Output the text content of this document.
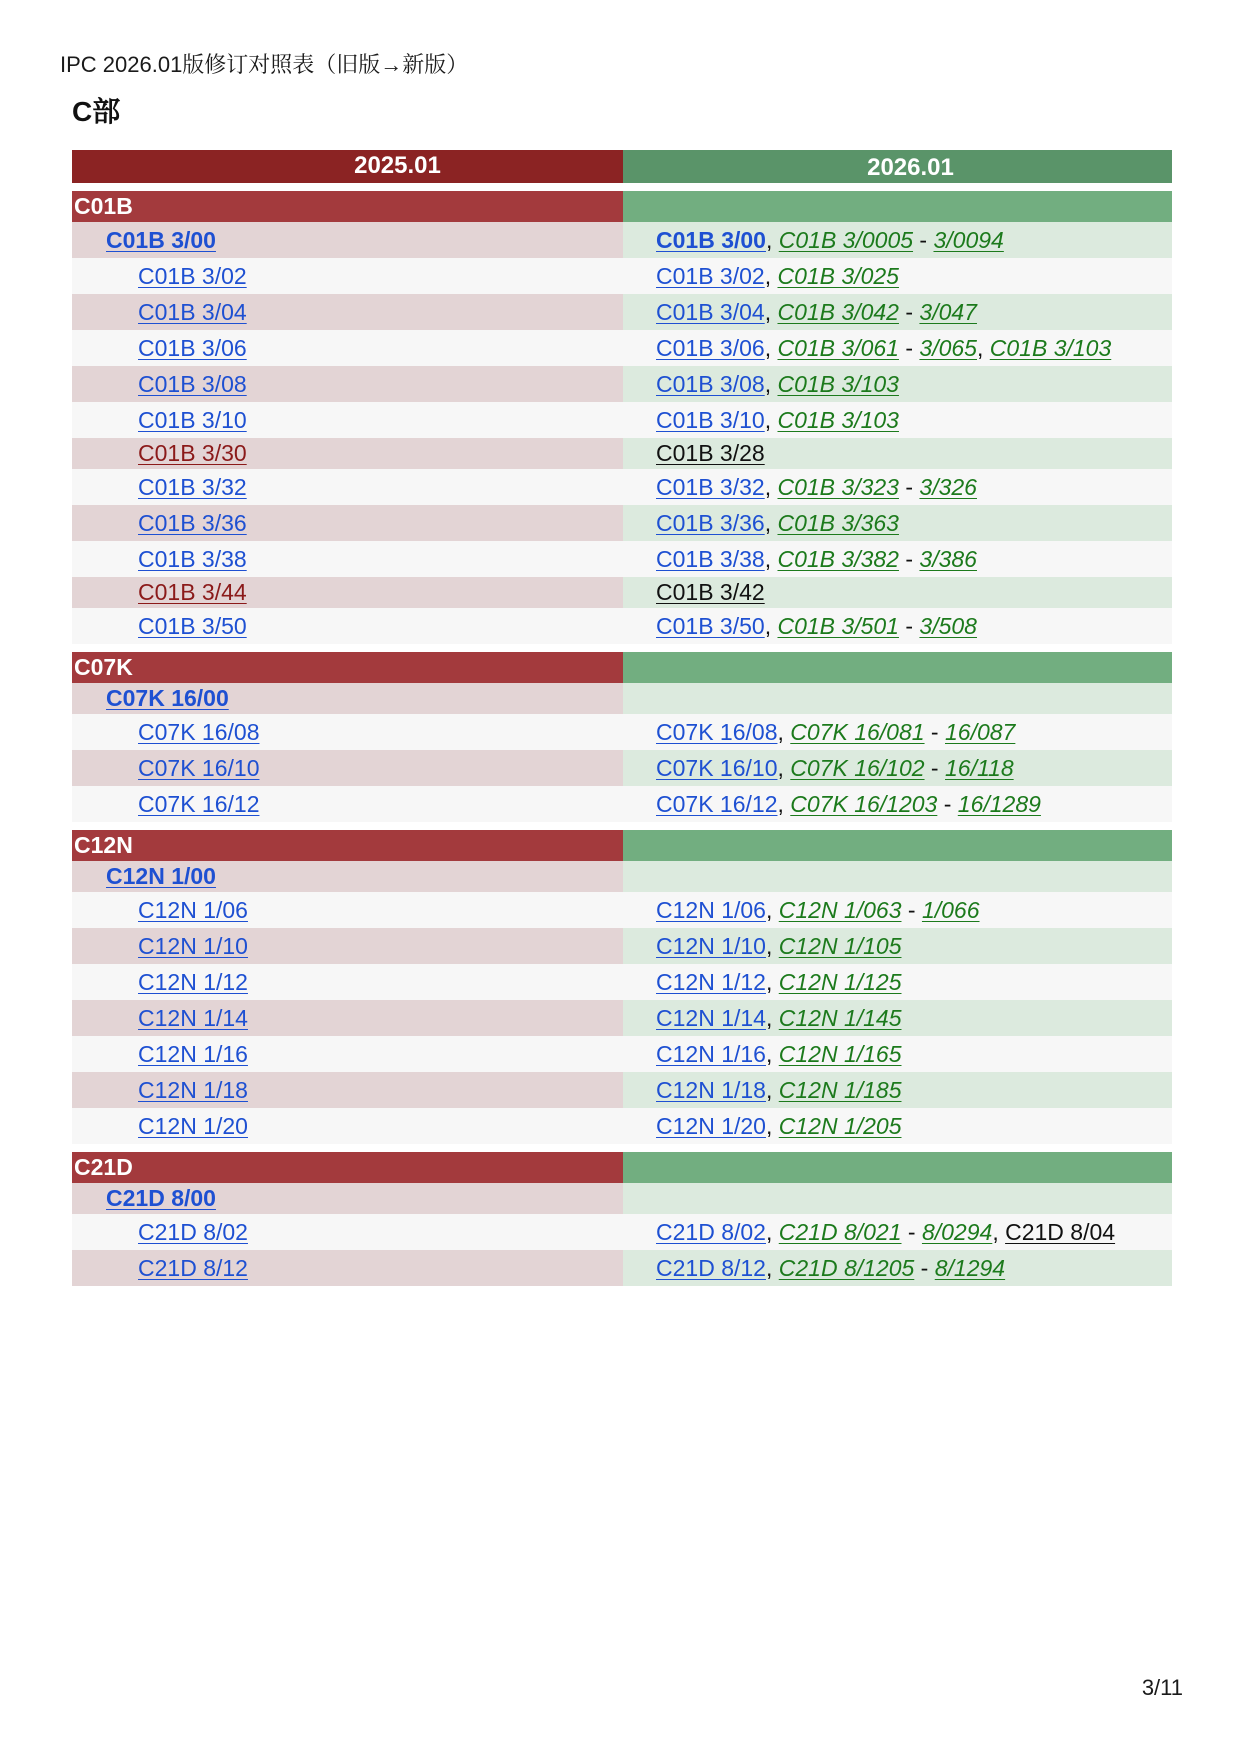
IPC 2026.01版修订对照表（旧版→新版）
C部
2025.01	2026.01
C01B
C01B 3/00	C01B 3/00 , C01B 3/0005 - 3/0094
C01B 3/02	C01B 3/02 , C01B 3/025
C01B 3/04	C01B 3/04 , C01B 3/042 - 3/047
C01B 3/06	C01B 3/06 , C01B 3/061 - 3/065 , C01B 3/103
C01B 3/08	C01B 3/08 , C01B 3/103
C01B 3/10	C01B 3/10 , C01B 3/103
C01B 3/30	C01B 3/28
C01B 3/32	C01B 3/32 , C01B 3/323 - 3/326
C01B 3/36	C01B 3/36 , C01B 3/363
C01B 3/38	C01B 3/38 , C01B 3/382 - 3/386
C01B 3/44	C01B 3/42
C01B 3/50	C01B 3/50 , C01B 3/501 - 3/508
C07K
C07K 16/00
C07K 16/08	C07K 16/08 , C07K 16/081 - 16/087
C07K 16/10	C07K 16/10 , C07K 16/102 - 16/118
C07K 16/12	C07K 16/12 , C07K 16/1203 - 16/1289
C12N
C12N 1/00
C12N 1/06	C12N 1/06 , C12N 1/063 - 1/066
C12N 1/10	C12N 1/10 , C12N 1/105
C12N 1/12	C12N 1/12 , C12N 1/125
C12N 1/14	C12N 1/14 , C12N 1/145
C12N 1/16	C12N 1/16 , C12N 1/165
C12N 1/18	C12N 1/18 , C12N 1/185
C12N 1/20	C12N 1/20 , C12N 1/205
C21D
C21D 8/00
C21D 8/02	C21D 8/02 , C21D 8/021 - 8/0294 , C21D 8/04
C21D 8/12	C21D 8/12 , C21D 8/1205 - 8/1294
3/11
